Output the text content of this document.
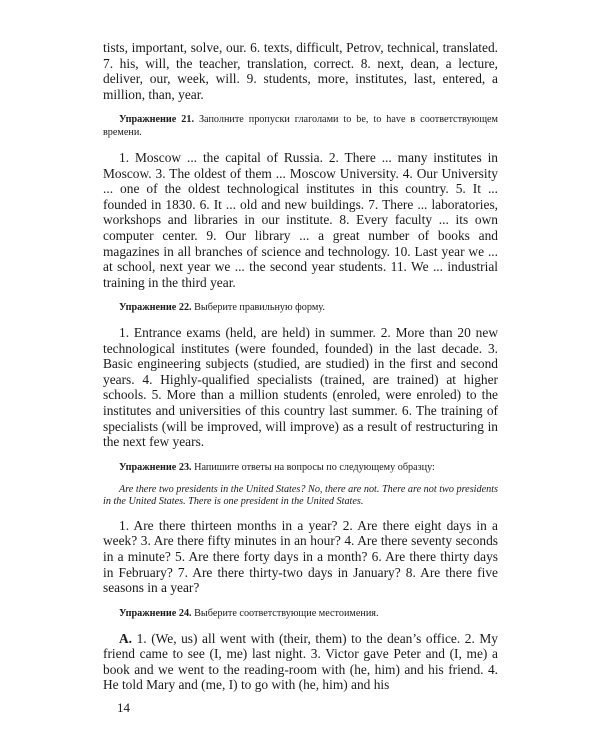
tists, important, solve, our. 6. texts, difficult, Petrov, technical, translated. 7. his, will, the teacher, translation, correct. 8. next, dean, a lecture, deliver, our, week, will. 9. students, more, institutes, last, entered, a million, than, year.

Упражнение 21. Заполните пропуски глаголами to be, to have в соответствующем времени.

1. Moscow ... the capital of Russia. 2. There ... many institutes in Moscow. 3. The oldest of them ... Moscow University. 4. Our University ... one of the oldest technological institutes in this country. 5. It ... founded in 1830. 6. It ... old and new buildings. 7. There ... laboratories, workshops and libraries in our institute. 8. Every faculty ... its own computer center. 9. Our library ... a great number of books and magazines in all branches of science and technology. 10. Last year we ... at school, next year we ... the second year students. 11. We ... industrial training in the third year.

Упражнение 22. Выберите правильную форму.

1. Entrance exams (held, are held) in summer. 2. More than 20 new technological institutes (were founded, founded) in the last decade. 3. Basic engineering subjects (studied, are studied) in the first and second years. 4. Highly-qualified specialists (trained, are trained) at higher schools. 5. More than a million students (enroled, were enroled) to the institutes and universities of this country last summer. 6. The training of specialists (will be improved, will improve) as a result of restructuring in the next few years.

Упражнение 23. Напишите ответы на вопросы по следующему образцу:

Are there two presidents in the United States? No, there are not. There are not two presidents in the United States. There is one president in the United States.

1. Are there thirteen months in a year? 2. Are there eight days in a week? 3. Are there fifty minutes in an hour? 4. Are there seventy seconds in a minute? 5. Are there forty days in a month? 6. Are there thirty days in February? 7. Are there thirty-two days in January? 8. Are there five seasons in a year?

Упражнение 24. Выберите соответствующие местоимения.

A. 1. (We, us) all went with (their, them) to the dean’s office. 2. My friend came to see (I, me) last night. 3. Victor gave Peter and (I, me) a book and we went to the reading-room with (he, him) and his friend. 4. He told Mary and (me, I) to go with (he, him) and his

14
